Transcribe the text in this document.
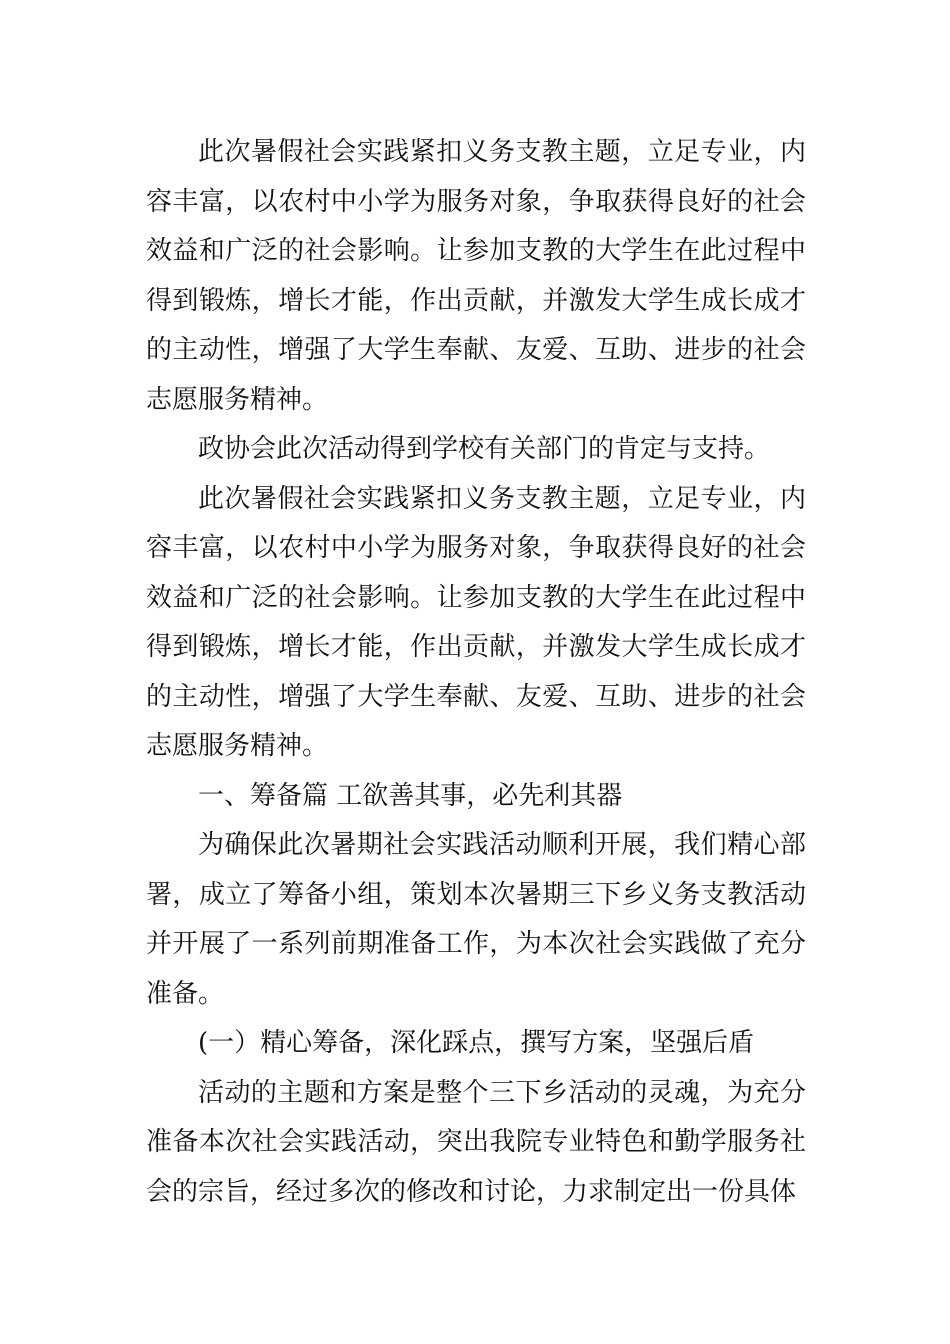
此次暑假社会实践紧扣义务支教主题，立足专业，内容丰富，以农村中小学为服务对象，争取获得良好的社会效益和广泛的社会影响。让参加支教的大学生在此过程中得到锻炼，增长才能，作出贡献，并激发大学生成长成才的主动性，增强了大学生奉献、友爱、互助、进步的社会志愿服务精神。

政协会此次活动得到学校有关部门的肯定与支持。

此次暑假社会实践紧扣义务支教主题，立足专业，内容丰富，以农村中小学为服务对象，争取获得良好的社会效益和广泛的社会影响。让参加支教的大学生在此过程中得到锻炼，增长才能，作出贡献，并激发大学生成长成才的主动性，增强了大学生奉献、友爱、互助、进步的社会志愿服务精神。

一、筹备篇 工欲善其事，必先利其器

为确保此次暑期社会实践活动顺利开展，我们精心部署，成立了筹备小组，策划本次暑期三下乡义务支教活动并开展了一系列前期准备工作，为本次社会实践做了充分准备。

(一）精心筹备，深化踩点，撰写方案，坚强后盾

活动的主题和方案是整个三下乡活动的灵魂，为充分准备本次社会实践活动，突出我院专业特色和勤学服务社会的宗旨，经过多次的修改和讨论，力求制定出一份具体
